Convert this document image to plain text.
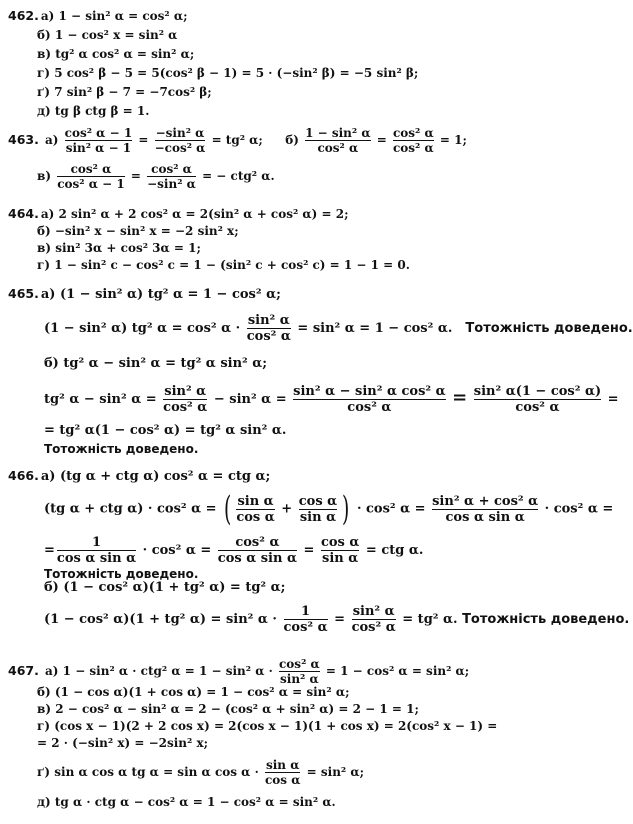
462. а) 1 − sin² α = cos² α;
б) 1 − cos² x = sin² α
в) tg² α cos² α = sin² α;
г) 5 cos² β − 5 = 5(cos² β − 1) = 5 · (−sin² β) = −5 sin² β;
ґ) 7 sin² β − 7 = −7cos² β;
д) tg β ctg β = 1.
463. $а) \frac{\text{cos² α − 1}}{\text{sin² α − 1}} = \frac{\text{−sin² α}}{\text{−cos² α}} = tg^2$ α; $б) \frac{\text{1 − sin² α}}{\text{cos² α}} = \frac{\text{cos² α}}{\text{cos² α}} = 1$;
$в) \frac{\text{cos² α}}{\text{cos² α − 1}} = \frac{\text{cos² α}}{\text{−sin² α}}$ = − ctg² α.
464. а) 2 sin² α + 2 cos² α = 2(sin² α + cos² α) = 2;
б) −sin² x − sin² x = −2 sin² x;
в) sin² 3α + cos² 3α = 1;
г) 1 − sin² c − cos² c = 1 − (sin² c + cos² c) = 1 − 1 = 0.
465. а) (1 − sin² α) tg² α = 1 − cos² α;
(1 − sin² α) tg² α = cos² $\alpha \cdot \frac{\text{sin² α}}{\text{cos² α}} = \sin^2$ α = 1 − cos² α. Тотожність доведено.
б) tg² α − sin² α = tg² α sin² α;
tg² α − sin² $\alpha = \frac{\text{sin² α}}{\text{cos² α}} - \sin^2$ $\alpha = \frac{\text{sin² α − sin² α cos² α}}{\text{cos² α}} = \frac{\text{sin² α(1 − cos² α)}}{\text{cos² α}}$ =
= tg² α(1 − cos² α) = tg² α sin² α.
Тотожність доведено.
466. а) (tg α + ctg α) cos² α = ctg α;
(tg α + ctg α) · cos² α = ( $\frac{\text{sin α}}{\text{cos α}} + \frac{\text{cos α}}{\text{sin α}}$ ) · cos² $\alpha = \frac{\text{sin² α + cos² α}}{\text{cos α sin α}} \cdot \cos^2$ α =
= $\frac{1}{\text{cos α sin α}} \cdot \cos^2$ $\alpha = \frac{\text{cos² α}}{\text{cos α sin α}} = \frac{\text{cos α}}{\text{sin α}}$ = ctg α.
Тотожність доведено.
б) (1 − cos² α)(1 + tg² α) = tg² α;
(1 − cos² α)(1 + tg² α) = sin² $\alpha \cdot \frac{1}{\text{cos² α}} = \frac{\text{sin² α}}{\text{cos² α}} = tg^2$ α. Тотожність доведено.
467. а) 1 − sin² α · ctg² α = 1 − sin² $\alpha \cdot \frac{\text{cos² α}}{\text{sin² α}} = 1 - \cos^2$ α = sin² α;
б) (1 − cos α)(1 + cos α) = 1 − cos² α = sin² α;
в) 2 − cos² α − sin² α = 2 − (cos² α + sin² α) = 2 − 1 = 1;
г) (cos x − 1)(2 + 2 cos x) = 2(cos x − 1)(1 + cos x) = 2(cos² x − 1) =
= 2 · (−sin² x) = −2sin² x;
ґ) sin α cos α tg α = sin α $\cos \alpha \cdot \frac{\text{sin α}}{\text{cos α}} = \sin^2$ α;
д) tg α · ctg α − cos² α = 1 − cos² α = sin² α.
